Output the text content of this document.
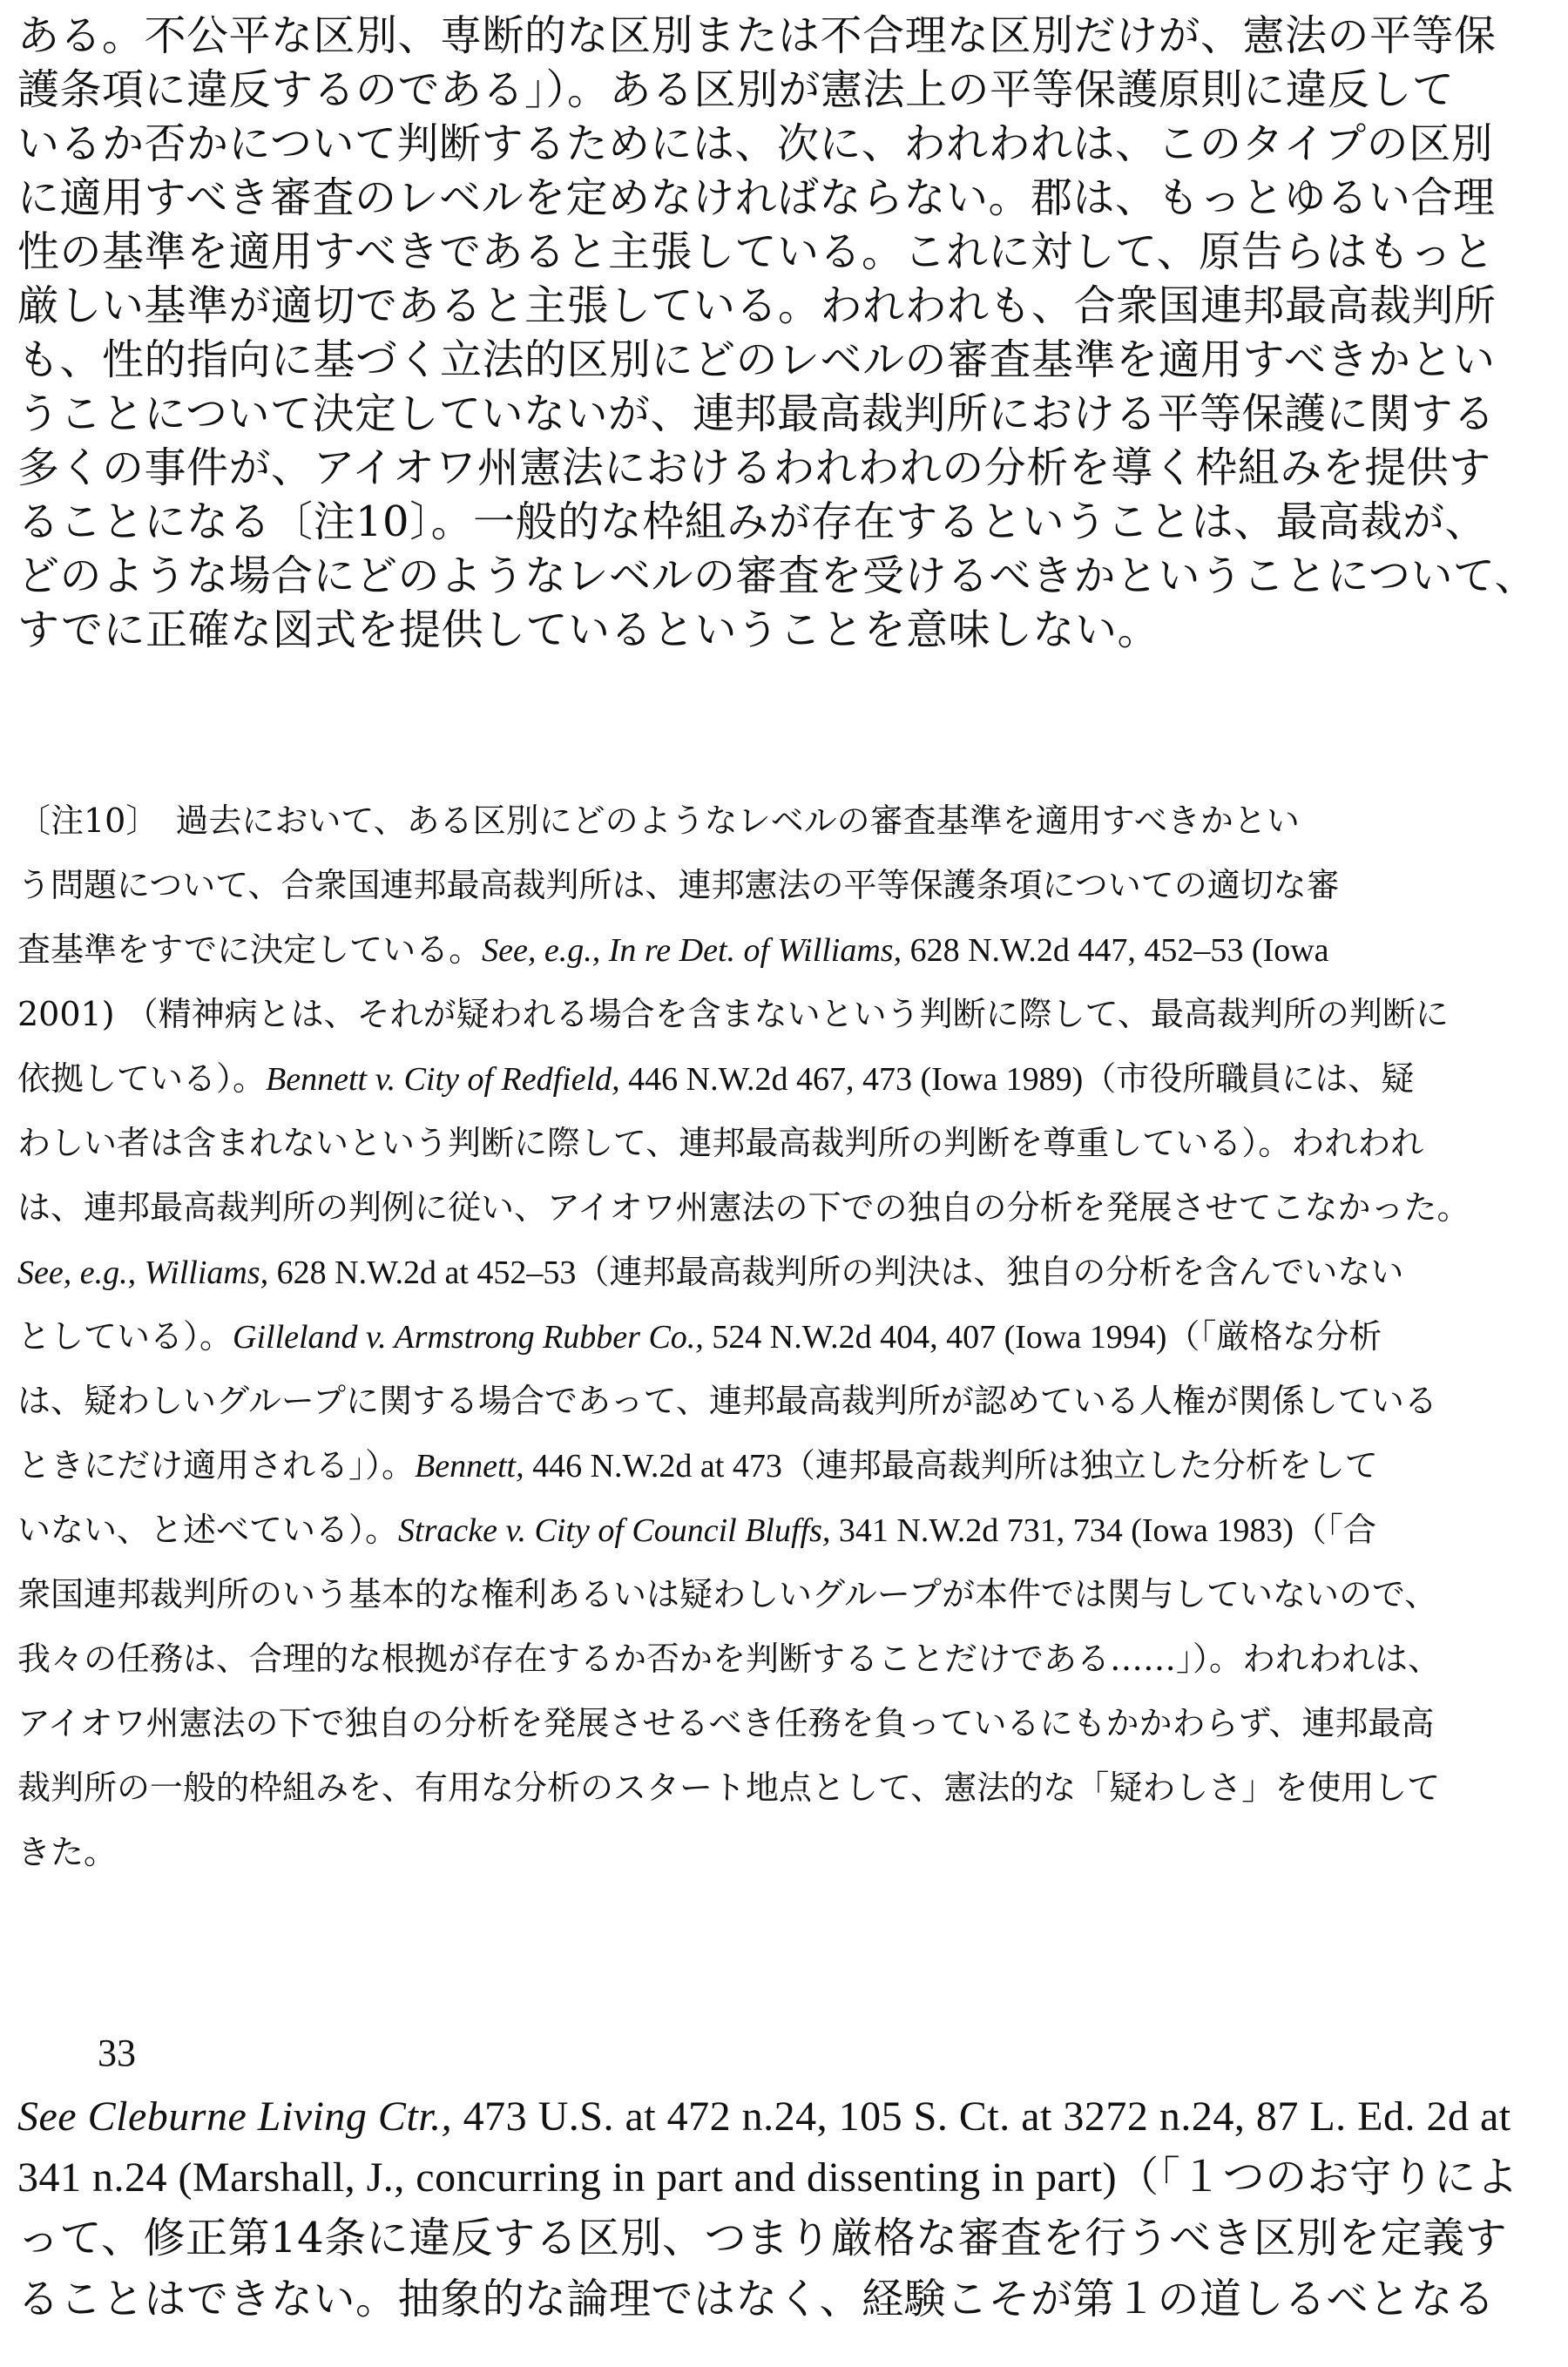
ある。不公平な区別、専断的な区別または不合理な区別だけが、憲法の平等保
護条項に違反するのである」）。ある区別が憲法上の平等保護原則に違反して
いるか否かについて判断するためには、次に、われわれは、このタイプの区別
に適用すべき審査のレベルを定めなければならない。郡は、もっとゆるい合理
性の基準を適用すべきであると主張している。これに対して、原告らはもっと
厳しい基準が適切であると主張している。われわれも、合衆国連邦最高裁判所
も、性的指向に基づく立法的区別にどのレベルの審査基準を適用すべきかとい
うことについて決定していないが、連邦最高裁判所における平等保護に関する
多くの事件が、アイオワ州憲法におけるわれわれの分析を導く枠組みを提供す
ることになる〔注10〕。一般的な枠組みが存在するということは、最高裁が、
どのような場合にどのようなレベルの審査を受けるべきかということについて、
すでに正確な図式を提供しているということを意味しない。
〔注10〕　過去において、ある区別にどのようなレベルの審査基準を適用すべきかとい
う問題について、合衆国連邦最高裁判所は、連邦憲法の平等保護条項についての適切な審
査基準をすでに決定している。See, e.g., In re Det. of Williams, 628 N.W.2d 447, 452–53 (Iowa
2001) （精神病とは、それが疑われる場合を含まないという判断に際して、最高裁判所の判断に
依拠している）。Bennett v. City of Redfield, 446 N.W.2d 467, 473 (Iowa 1989)（市役所職員には、疑
わしい者は含まれないという判断に際して、連邦最高裁判所の判断を尊重している）。われわれ
は、連邦最高裁判所の判例に従い、アイオワ州憲法の下での独自の分析を発展させてこなかった。
See, e.g., Williams, 628 N.W.2d at 452–53（連邦最高裁判所の判決は、独自の分析を含んでいない
としている）。Gilleland v. Armstrong Rubber Co., 524 N.W.2d 404, 407 (Iowa 1994)（「厳格な分析
は、疑わしいグループに関する場合であって、連邦最高裁判所が認めている人権が関係している
ときにだけ適用される」）。Bennett, 446 N.W.2d at 473（連邦最高裁判所は独立した分析をして
いない、と述べている）。Stracke v. City of Council Bluffs, 341 N.W.2d 731, 734 (Iowa 1983)（「合
衆国連邦裁判所のいう基本的な権利あるいは疑わしいグループが本件では関与していないので、
我々の任務は、合理的な根拠が存在するか否かを判断することだけである……」）。われわれは、
アイオワ州憲法の下で独自の分析を発展させるべき任務を負っているにもかかわらず、連邦最高
裁判所の一般的枠組みを、有用な分析のスタート地点として、憲法的な「疑わしさ」を使用して
きた。
33
See Cleburne Living Ctr., 473 U.S. at 472 n.24, 105 S. Ct. at 3272 n.24, 87 L. Ed. 2d at
341 n.24 (Marshall, J., concurring in part and dissenting in part)（「１つのお守りによ
って、修正第14条に違反する区別、つまり厳格な審査を行うべき区別を定義す
ることはできない。抽象的な論理ではなく、経験こそが第１の道しるべとなる
